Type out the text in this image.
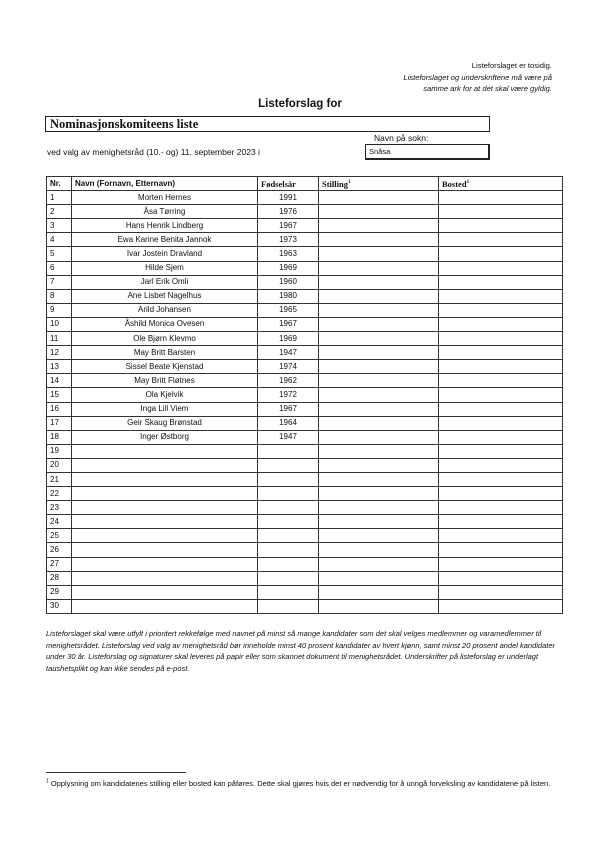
Listeforslaget er tosidig.
Listeforslaget og underskriftene må være på
samme ark for at det skal være gyldig.
Listeforslag for
Nominasjonskomiteens liste
Navn på sokn:
ved valg av menighetsråd (10.- og) 11. september 2023 i	Snåsa
Nr.	Navn (Fornavn, Etternavn)	Fødselsår	Stilling$^1$	Bosted$^1$
1	Morten Hernes	1991		
2	Åsa Tørring	1976		
3	Hans Henrik Lindberg	1967		
4	Ewa Karine Benita Jannok	1973		
5	Ivar Jostein Dravland	1963		
6	Hilde Sjem	1969		
7	Jarl Erik Omli	1960		
8	Ane Lisbet Nagelhus	1980		
9	Arild Johansen	1965		
10	Åshild Monica Ovesen	1967		
11	Ole Bjørn Klevmo	1969		
12	May Britt Barsten	1947		
13	Sissel Beate Kjenstad	1974		
14	May Britt Fløtnes	1962		
15	Ola Kjelvik	1972		
16	Inga Lill Viem	1967		
17	Geir Skaug Brønstad	1964		
18	Inger Østborg	1947		
19				
20				
21				
22				
23				
24				
25				
26				
27				
28				
29				
30				
Listeforslaget skal være utfylt i prioritert rekkefølge med navnet på minst så mange kandidater som det skal velges medlemmer og varamedlemmer til menighetsrådet. Listeforslag ved valg av menighetsråd bør inneholde minst 40 prosent kandidater av hvert kjønn, samt minst 20 prosent andel kandidater under 30 år. Listeforslag og signaturer skal leveres på papir eller som skannet dokument til menighetsrådet. Underskrifter på listeforslag er underlagt taushetsplikt og kan ikke sendes på e-post.
$^1$ Opplysning om kandidatenes stilling eller bosted kan påføres. Dette skal gjøres hvis det er nødvendig for å unngå forveksling av kandidatene på listen.
